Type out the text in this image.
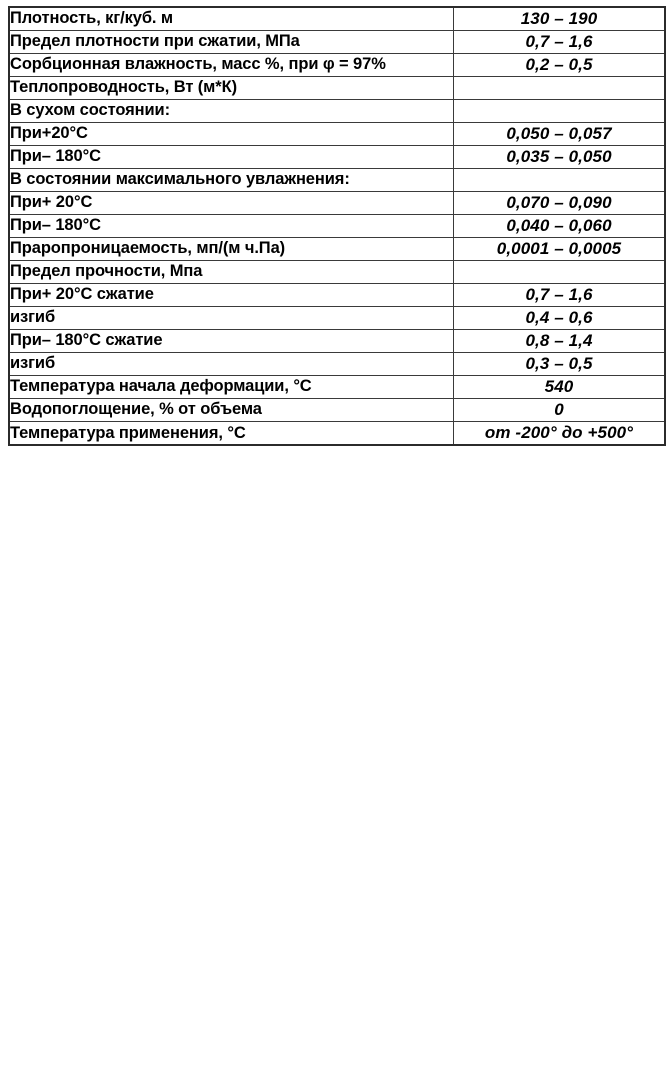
Плотность, кг/куб. м	130 – 190
Предел плотности при сжатии, МПа	0,7 – 1,6
Сорбционная влажность, масс %, при φ = 97%	0,2 – 0,5
Теплопроводность, Вт (м*К)	
В сухом состоянии:	
При+20°С	0,050 – 0,057
При– 180°С	0,035 – 0,050
В состоянии максимального увлажнения:	
При+ 20°С	0,070 – 0,090
При– 180°С	0,040 – 0,060
Праропроницаемость, мп/(м ч.Па)	0,0001 – 0,0005
Предел прочности, Мпа	
При+ 20°С сжатие	0,7 – 1,6
изгиб	0,4 – 0,6
При– 180°С сжатие	0,8 – 1,4
изгиб	0,3 – 0,5
Температура начала деформации, °С	540
Водопоглощение, % от объема	0
Температура применения, °С	от -200° до +500°
